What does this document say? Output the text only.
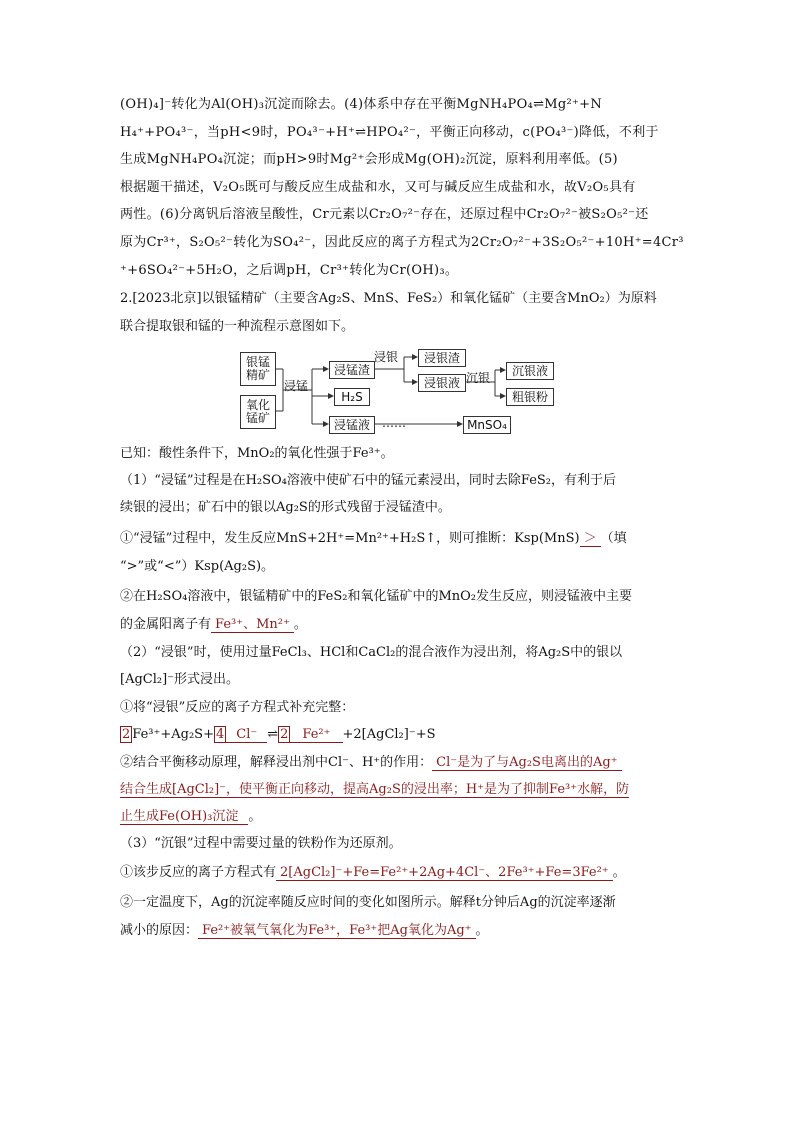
(OH)₄]⁻转化为Al(OH)₃沉淀而除去。(4)体系中存在平衡MgNH₄PO₄⇌Mg²⁺+N
H₄⁺+PO₄³⁻，当pH<9时，PO₄³⁻+H⁺⇌HPO₄²⁻，平衡正向移动，c(PO₄³⁻)降低，不利于
生成MgNH₄PO₄沉淀；而pH>9时Mg²⁺会形成Mg(OH)₂沉淀，原料利用率低。(5)
根据题干描述，V₂O₅既可与酸反应生成盐和水，又可与碱反应生成盐和水，故V₂O₅具有
两性。(6)分离钒后溶液呈酸性，Cr元素以Cr₂O₇²⁻存在，还原过程中Cr₂O₇²⁻被S₂O₅²⁻还
原为Cr³⁺，S₂O₅²⁻转化为SO₄²⁻，因此反应的离子方程式为2Cr₂O₇²⁻+3S₂O₅²⁻+10H⁺=4Cr³
⁺+6SO₄²⁻+5H₂O，之后调pH，Cr³⁺转化为Cr(OH)₃。
2.[2023北京]以银锰精矿（主要含Ag₂S、MnS、FeS₂）和氧化锰矿（主要含MnO₂）为原料
联合提取银和锰的一种流程示意图如下。
银锰精矿
氧化锰矿
浸锰
浸锰渣
H₂S
浸锰液
浸银	浸银渣
浸银液 沉银
沉银液
粗银粉
……	MnSO₄
已知：酸性条件下，MnO₂的氧化性强于Fe³⁺。
（1）“浸锰”过程是在H₂SO₄溶液中使矿石中的锰元素浸出，同时去除FeS₂，有利于后
续银的浸出；矿石中的银以Ag₂S的形式残留于浸锰渣中。
①“浸锰”过程中，发生反应MnS+2H⁺=Mn²⁺+H₂S↑，则可推断：Ksp(MnS) ＞ （填
“>”或“<”）Ksp(Ag₂S)。
②在H₂SO₄溶液中，银锰精矿中的FeS₂和氧化锰矿中的MnO₂发生反应，则浸锰液中主要
的金属阳离子有 Fe³⁺、Mn²⁺ 。
（2）“浸银”时，使用过量FeCl₃、HCl和CaCl₂的混合液作为浸出剂，将Ag₂S中的银以
[AgCl₂]⁻形式浸出。
①将“浸银”反应的离子方程式补充完整：
2 Fe³⁺+Ag₂S+ 4 Cl⁻ ⇌ 2 Fe²⁺ +2[AgCl₂]⁻+S
②结合平衡移动原理，解释浸出剂中Cl⁻、H⁺的作用： Cl⁻是为了与Ag₂S电离出的Ag⁺
结合生成[AgCl₂]⁻，使平衡正向移动，提高Ag₂S的浸出率；H⁺是为了抑制Fe³⁺水解，防
止生成Fe(OH)₃沉淀 。
（3）“沉银”过程中需要过量的铁粉作为还原剂。
①该步反应的离子方程式有 2[AgCl₂]⁻+Fe=Fe²⁺+2Ag+4Cl⁻、2Fe³⁺+Fe=3Fe²⁺ 。
②一定温度下，Ag的沉淀率随反应时间的变化如图所示。解释t分钟后Ag的沉淀率逐渐
减小的原因： Fe²⁺被氧气氧化为Fe³⁺，Fe³⁺把Ag氧化为Ag⁺ 。
